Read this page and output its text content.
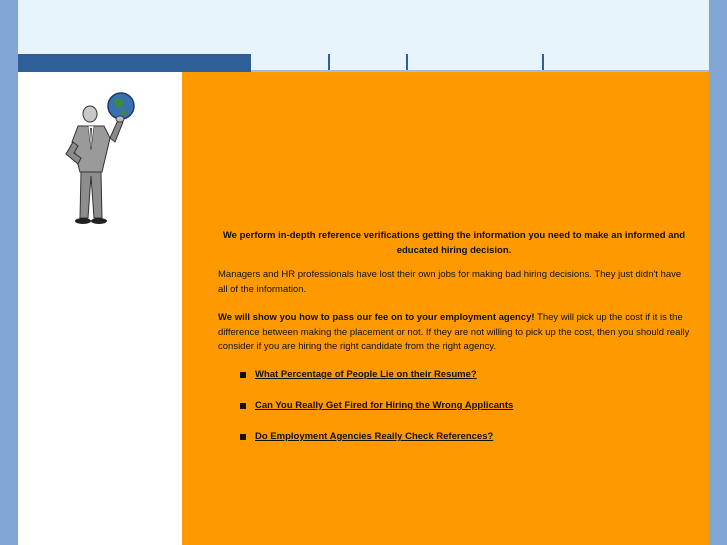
We perform in-depth reference verifications getting the information you need to make an informed and educated hiring decision.
Managers and HR professionals have lost their own jobs for making bad hiring decisions. They just didn't have all of the information.
We will show you how to pass our fee on to your employment agency! They will pick up the cost if it is the difference between making the placement or not. If they are not willing to pick up the cost, then you should really consider if you are hiring the right candidate from the right agency.
What Percentage of People Lie on their Resume?
Can You Really Get Fired for Hiring the Wrong Applicants
Do Employment Agencies Really Check References?
